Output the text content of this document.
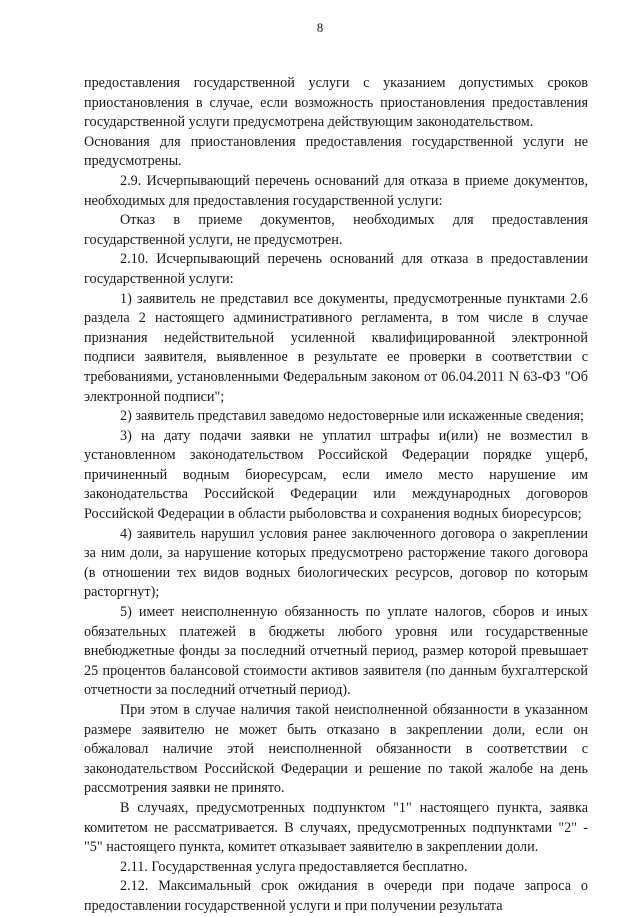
8

предоставления государственной услуги с указанием допустимых сроков приостановления в случае, если возможность приостановления предоставления государственной услуги предусмотрена действующим законодательством.

Основания для приостановления предоставления государственной услуги не предусмотрены.

2.9. Исчерпывающий перечень оснований для отказа в приеме документов, необходимых для предоставления государственной услуги:

Отказ в приеме документов, необходимых для предоставления государственной услуги, не предусмотрен.

2.10. Исчерпывающий перечень оснований для отказа в предоставлении государственной услуги:

1) заявитель не представил все документы, предусмотренные пунктами 2.6 раздела 2 настоящего административного регламента, в том числе в случае признания недействительной усиленной квалифицированной электронной подписи заявителя, выявленное в результате ее проверки в соответствии с требованиями, установленными Федеральным законом от 06.04.2011 N 63-ФЗ "Об электронной подписи";

2) заявитель представил заведомо недостоверные или искаженные сведения;

3) на дату подачи заявки не уплатил штрафы и(или) не возместил в установленном законодательством Российской Федерации порядке ущерб, причиненный водным биоресурсам, если имело место нарушение им законодательства Российской Федерации или международных договоров Российской Федерации в области рыболовства и сохранения водных биоресурсов;

4) заявитель нарушил условия ранее заключенного договора о закреплении за ним доли, за нарушение которых предусмотрено расторжение такого договора (в отношении тех видов водных биологических ресурсов, договор по которым расторгнут);

5) имеет неисполненную обязанность по уплате налогов, сборов и иных обязательных платежей в бюджеты любого уровня или государственные внебюджетные фонды за последний отчетный период, размер которой превышает 25 процентов балансовой стоимости активов заявителя (по данным бухгалтерской отчетности за последний отчетный период).

При этом в случае наличия такой неисполненной обязанности в указанном размере заявителю не может быть отказано в закреплении доли, если он обжаловал наличие этой неисполненной обязанности в соответствии с законодательством Российской Федерации и решение по такой жалобе на день рассмотрения заявки не принято.

В случаях, предусмотренных подпунктом "1" настоящего пункта, заявка комитетом не рассматривается. В случаях, предусмотренных подпунктами "2" - "5" настоящего пункта, комитет отказывает заявителю в закреплении доли.

2.11. Государственная услуга предоставляется бесплатно.

2.12. Максимальный срок ожидания в очереди при подаче запроса о предоставлении государственной услуги и при получении результата
